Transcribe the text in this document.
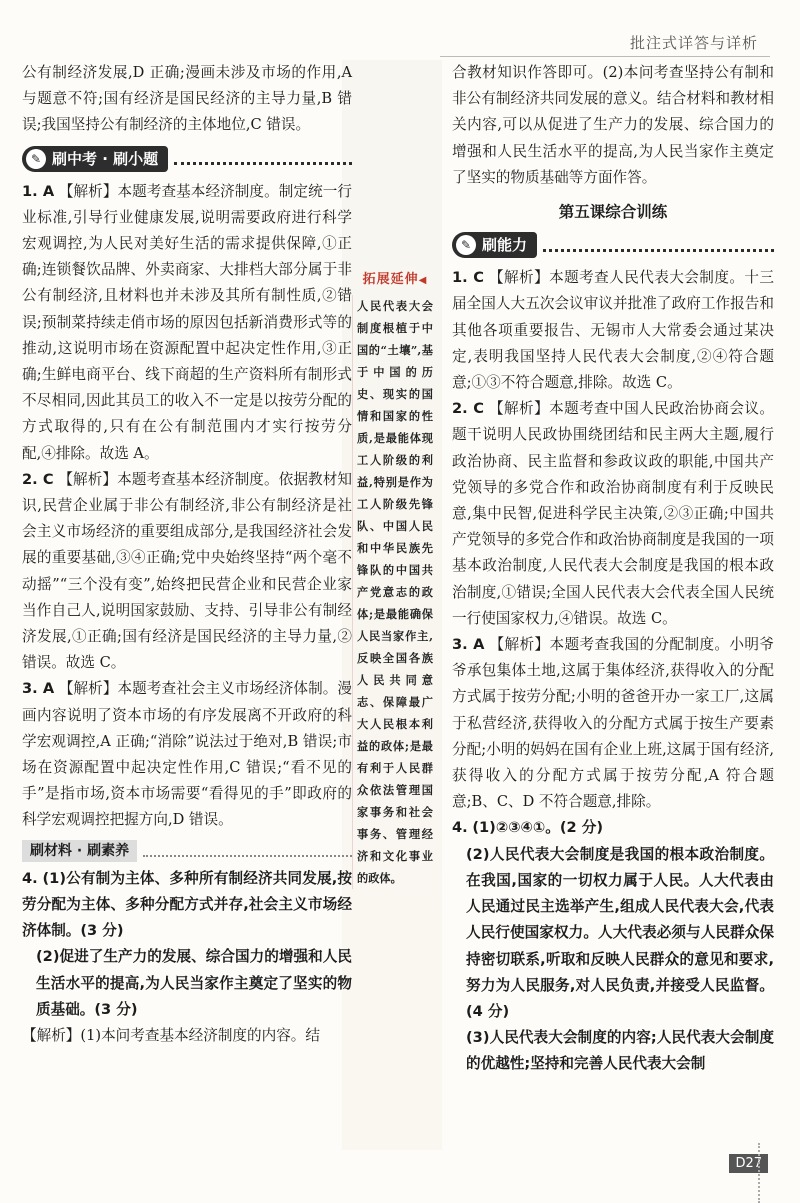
批注式详答与详析

公有制经济发展,D 正确;漫画未涉及市场的作用,A 与题意不符;国有经济是国民经济的主导力量,B 错误;我国坚持公有制经济的主体地位,C 错误。

✎ 刷中考 · 刷小题

1. A 【解析】本题考查基本经济制度。制定统一行业标准,引导行业健康发展,说明需要政府进行科学宏观调控,为人民对美好生活的需求提供保障,①正确;连锁餐饮品牌、外卖商家、大排档大部分属于非公有制经济,且材料也并未涉及其所有制性质,②错误;预制菜持续走俏市场的原因包括新消费形式等的推动,这说明市场在资源配置中起决定性作用,③正确;生鲜电商平台、线下商超的生产资料所有制形式不尽相同,因此其员工的收入不一定是以按劳分配的方式取得的,只有在公有制范围内才实行按劳分配,④排除。故选 A。

2. C 【解析】本题考查基本经济制度。依据教材知识,民营企业属于非公有制经济,非公有制经济是社会主义市场经济的重要组成部分,是我国经济社会发展的重要基础,③④正确;党中央始终坚持“两个毫不动摇”“三个没有变”,始终把民营企业和民营企业家当作自己人,说明国家鼓励、支持、引导非公有制经济发展,①正确;国有经济是国民经济的主导力量,②错误。故选 C。

3. A 【解析】本题考查社会主义市场经济体制。漫画内容说明了资本市场的有序发展离不开政府的科学宏观调控,A 正确;“消除”说法过于绝对,B 错误;市场在资源配置中起决定性作用,C 错误;“看不见的手”是指市场,资本市场需要“看得见的手”即政府的科学宏观调控把握方向,D 错误。

刷材料 · 刷素养

4. (1)公有制为主体、多种所有制经济共同发展,按劳分配为主体、多种分配方式并存,社会主义市场经济体制。(3 分)

(2)促进了生产力的发展、综合国力的增强和人民生活水平的提高,为人民当家作主奠定了坚实的物质基础。(3 分)

【解析】(1)本问考查基本经济制度的内容。结

拓展延伸◀
人民代表大会制度根植于中国的“土壤”,基于中国的历史、现实的国情和国家的性质,是最能体现工人阶级的利益,特别是作为工人阶级先锋队、中国人民和中华民族先锋队的中国共产党意志的政体;是最能确保人民当家作主,反映全国各族人民共同意志、保障最广大人民根本利益的政体;是最有利于人民群众依法管理国家事务和社会事务、管理经济和文化事业的政体。

合教材知识作答即可。(2)本问考查坚持公有制和非公有制经济共同发展的意义。结合材料和教材相关内容,可以从促进了生产力的发展、综合国力的增强和人民生活水平的提高,为人民当家作主奠定了坚实的物质基础等方面作答。

第五课综合训练
✎ 刷能力

1. C 【解析】本题考查人民代表大会制度。十三届全国人大五次会议审议并批准了政府工作报告和其他各项重要报告、无锡市人大常委会通过某决定,表明我国坚持人民代表大会制度,②④符合题意;①③不符合题意,排除。故选 C。

2. C 【解析】本题考查中国人民政治协商会议。题干说明人民政协围绕团结和民主两大主题,履行政治协商、民主监督和参政议政的职能,中国共产党领导的多党合作和政治协商制度有利于反映民意,集中民智,促进科学民主决策,②③正确;中国共产党领导的多党合作和政治协商制度是我国的一项基本政治制度,人民代表大会制度是我国的根本政治制度,①错误;全国人民代表大会代表全国人民统一行使国家权力,④错误。故选 C。

3. A 【解析】本题考查我国的分配制度。小明爷爷承包集体土地,这属于集体经济,获得收入的分配方式属于按劳分配;小明的爸爸开办一家工厂,这属于私营经济,获得收入的分配方式属于按生产要素分配;小明的妈妈在国有企业上班,这属于国有经济,获得收入的分配方式属于按劳分配,A 符合题意;B、C、D 不符合题意,排除。

4. (1)②③④①。(2 分)

(2)人民代表大会制度是我国的根本政治制度。在我国,国家的一切权力属于人民。人大代表由人民通过民主选举产生,组成人民代表大会,代表人民行使国家权力。人大代表必须与人民群众保持密切联系,听取和反映人民群众的意见和要求,努力为人民服务,对人民负责,并接受人民监督。(4 分)

(3)人民代表大会制度的内容;人民代表大会制度的优越性;坚持和完善人民代表大会制

D27
